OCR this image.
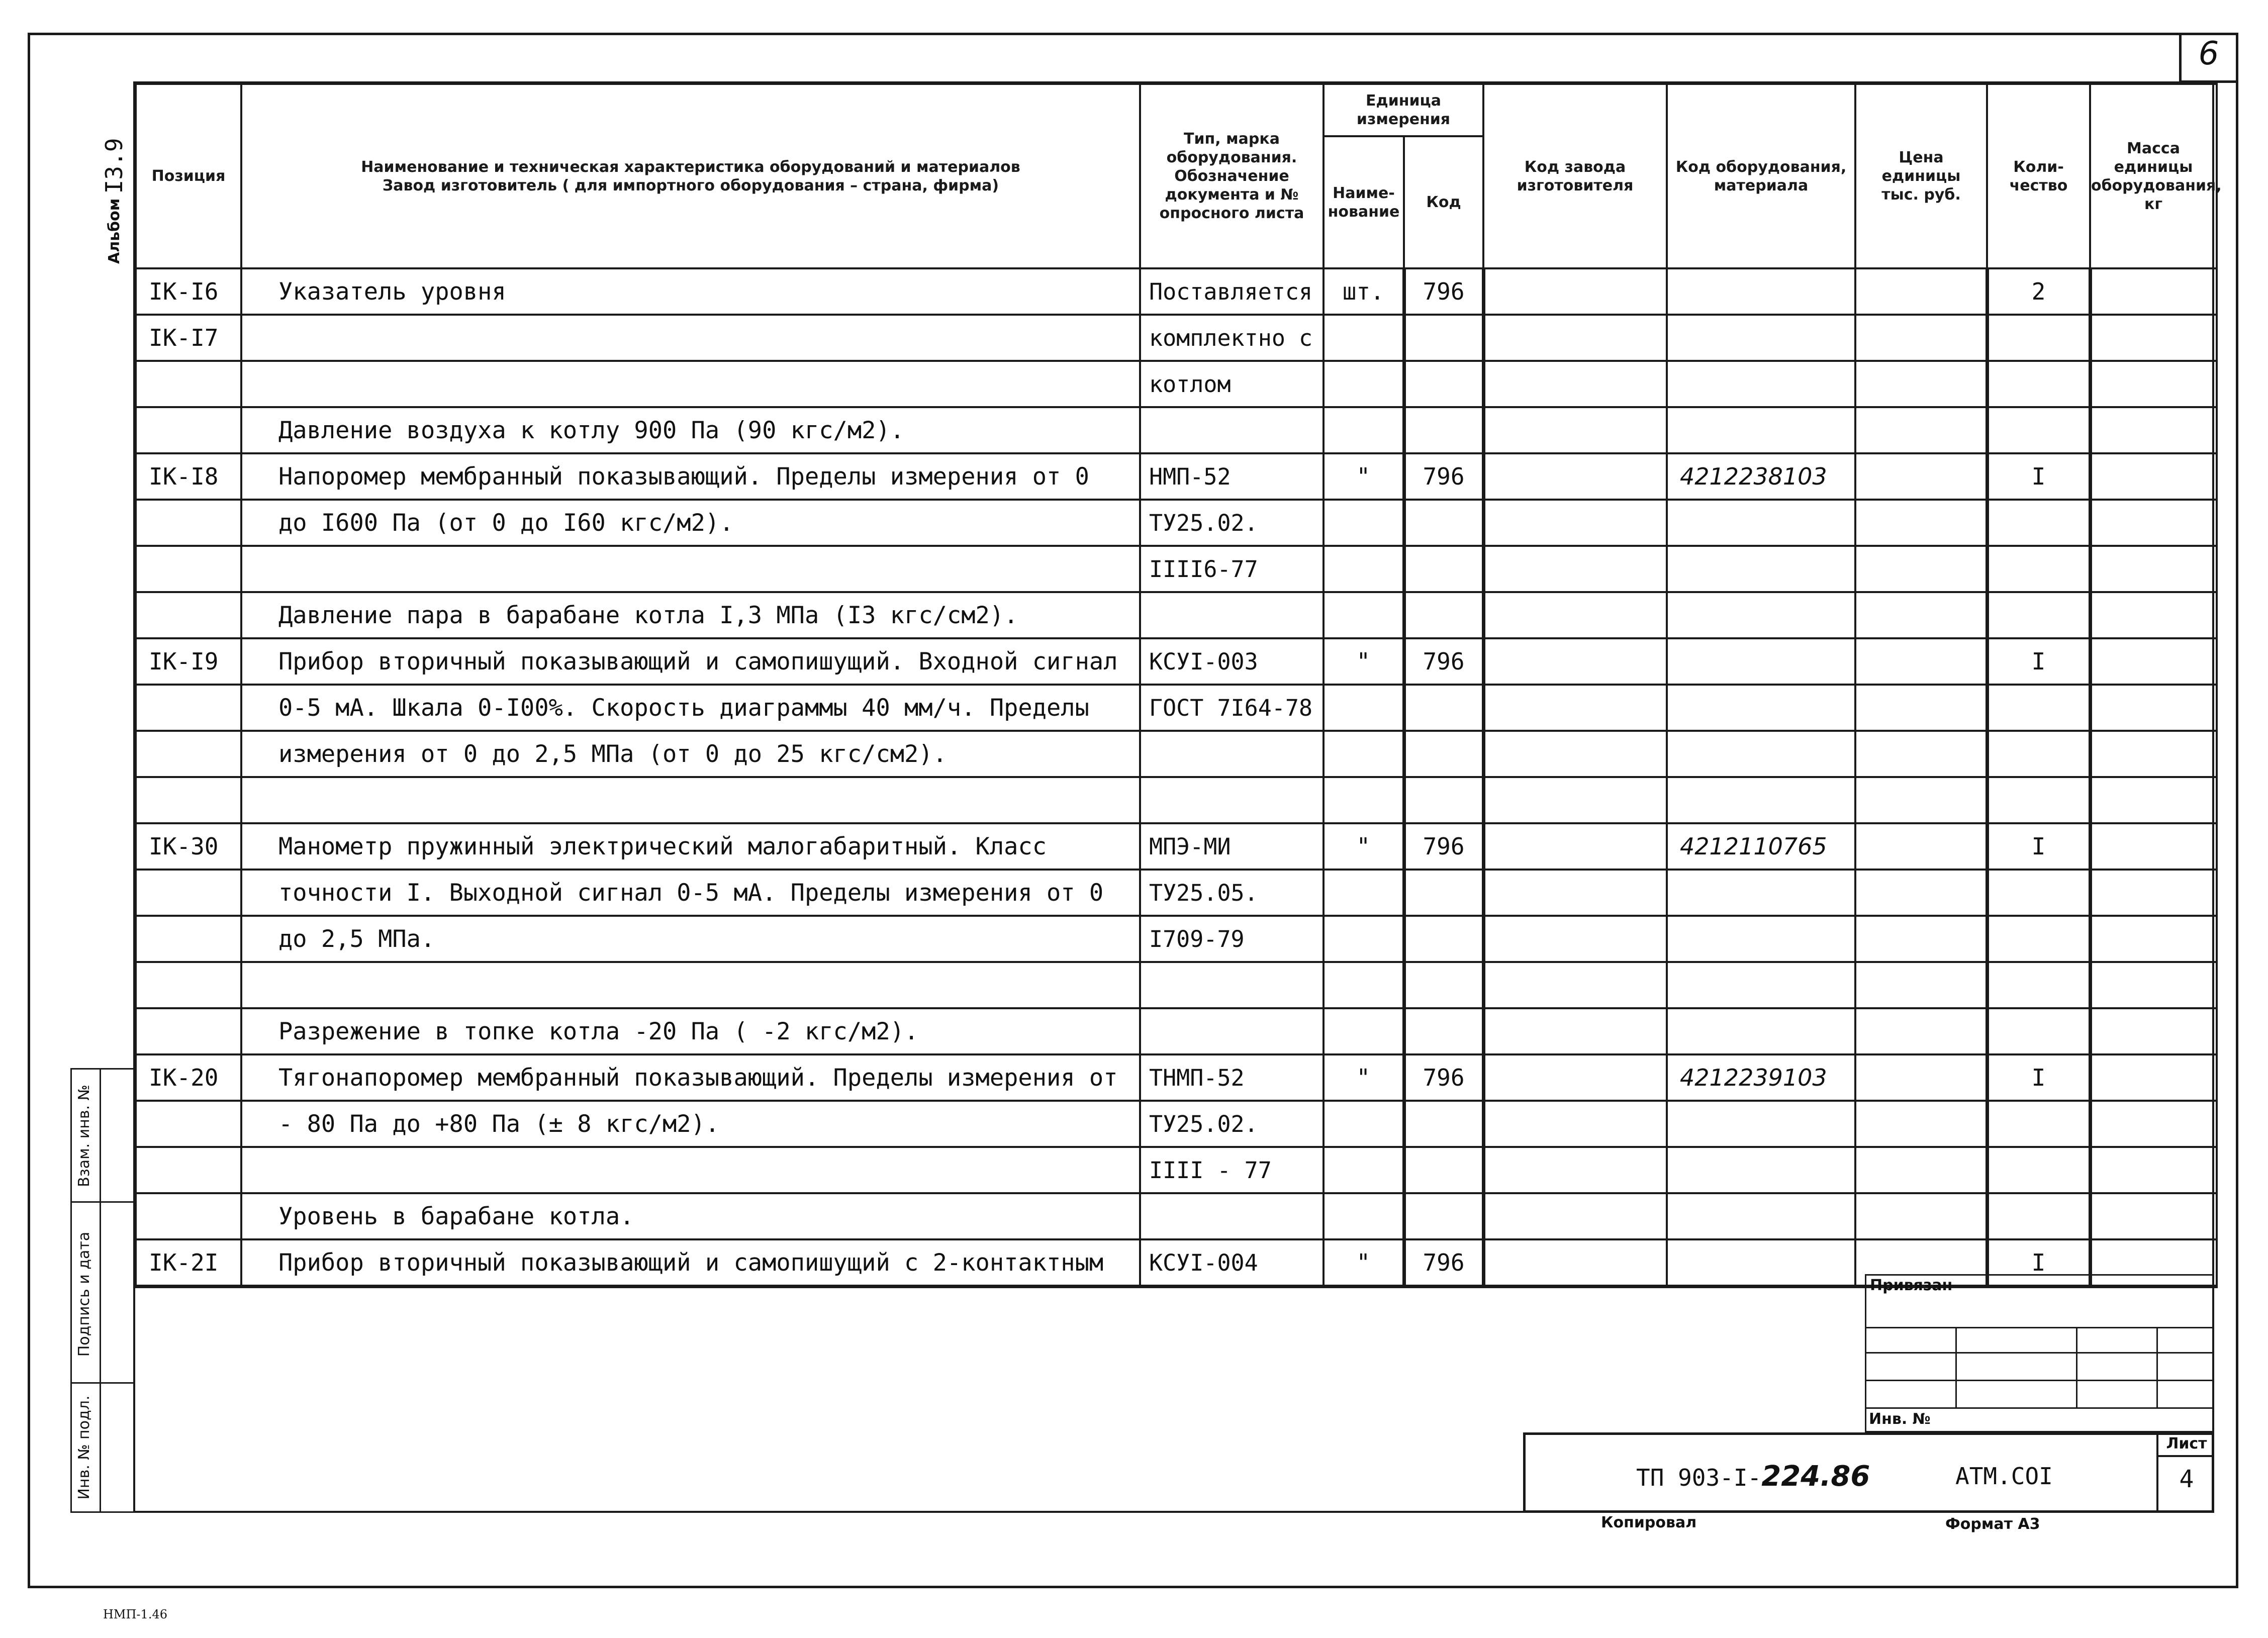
6
Альбом
I3.9 Позиция	Наименование и техническая характеристика оборудований и материалов
Завод изготовитель ( для импортного оборудования – страна, фирма)	Тип, марка
оборудования.
Обозначение
документа и №
опросного листа	Единица
измерения		Код завода
изготовителя	Код оборудования,
материала	Цена
единицы
тыс. руб.	Коли-
чество	Масса
единицы
оборудования,
кг
			Наиме-
нование	Код					
IK-I6	Указатель уровня	Поставляется	шт.	796				2	
IK-I7		комплектно с							
		котлом							
	Давление воздуха к котлу 900 Па (90 кгс/м2).								
IK-I8	Напоромер мембранный показывающий. Пределы измерения от 0	НМП-52	"	796		4212238103		I	
	до I600 Па (от 0 до I60 кгс/м2).	ТУ25.02.							
		IIII6-77							
	Давление пара в барабане котла I,3 МПа (I3 кгс/см2).								
IK-I9	Прибор вторичный показывающий и самопишущий. Входной сигнал	КСУI-003	"	796				I	
	0-5 мА. Шкала 0-I00%. Скорость диаграммы 40 мм/ч. Пределы	ГОСТ 7I64-78							
	измерения от 0 до 2,5 МПа (от 0 до 25 кгс/см2).								

IK-30	Манометр пружинный электрический малогабаритный. Класс	МПЭ-МИ	"	796		4212110765		I	
	точности I. Выходной сигнал 0-5 мА. Пределы измерения от 0	ТУ25.05.							
	до 2,5 МПа.	I709-79							

	Разрежение в топке котла -20 Па ( -2 кгс/м2).								
IK-20	Тягонапоромер мембранный показывающий. Пределы измерения от	ТНМП-52	"	796		4212239103		I	
	- 80 Па до +80 Па (± 8 кгс/м2).	ТУ25.02.							
		IIII - 77							
	Уровень в барабане котла.								
IK-2I	Прибор вторичный показывающий и самопишущий с 2-контактным	КСУI-004	"	796				I	
Взам. инв. №
Подпись и дата
Инв. № подл.
Привязан
Инв. №
ТП 903-I-224.86	АТМ.СОI
Лист
4
Копировал	Формат А3
НМП-1.46
